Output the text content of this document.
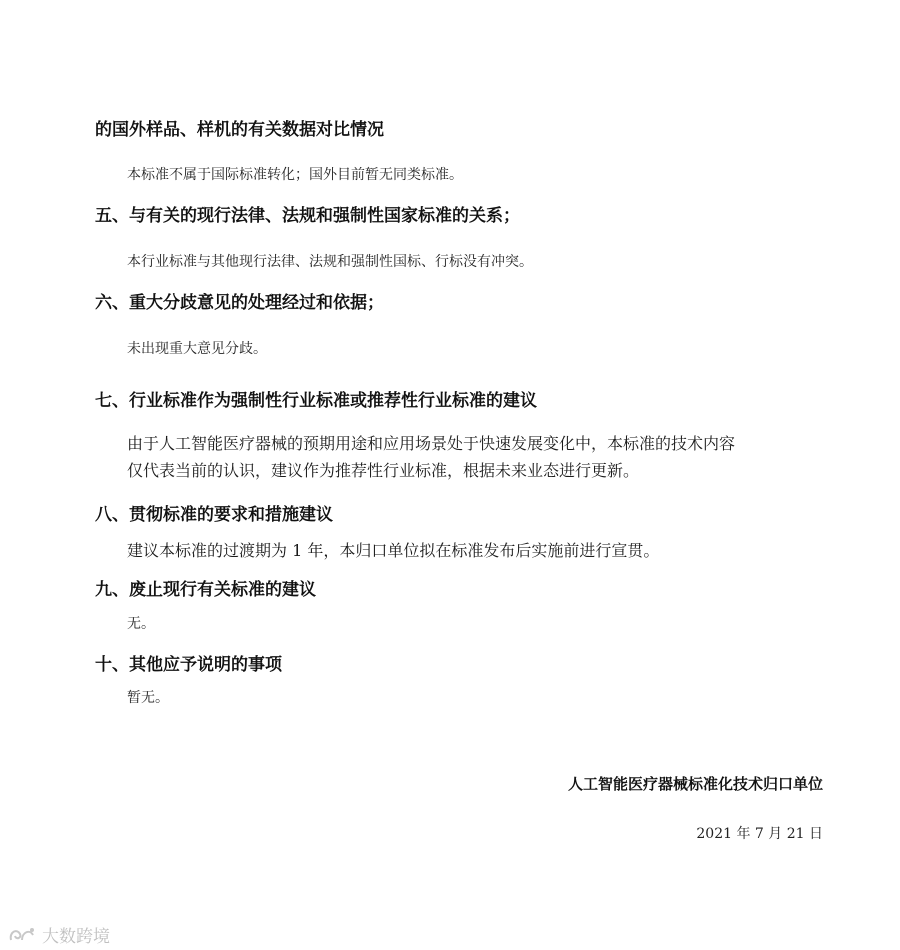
的国外样品、样机的有关数据对比情况
本标准不属于国际标准转化；国外目前暂无同类标准。
五、与有关的现行法律、法规和强制性国家标准的关系；
本行业标准与其他现行法律、法规和强制性国标、行标没有冲突。
六、重大分歧意见的处理经过和依据；
未出现重大意见分歧。
七、行业标准作为强制性行业标准或推荐性行业标准的建议
由于人工智能医疗器械的预期用途和应用场景处于快速发展变化中，本标准的技术内容
仅代表当前的认识，建议作为推荐性行业标准，根据未来业态进行更新。
八、贯彻标准的要求和措施建议
建议本标准的过渡期为 1 年，本归口单位拟在标准发布后实施前进行宣贯。
九、废止现行有关标准的建议
无。
十、其他应予说明的事项
暂无。
人工智能医疗器械标准化技术归口单位
2021 年 7 月 21 日
大数跨境
